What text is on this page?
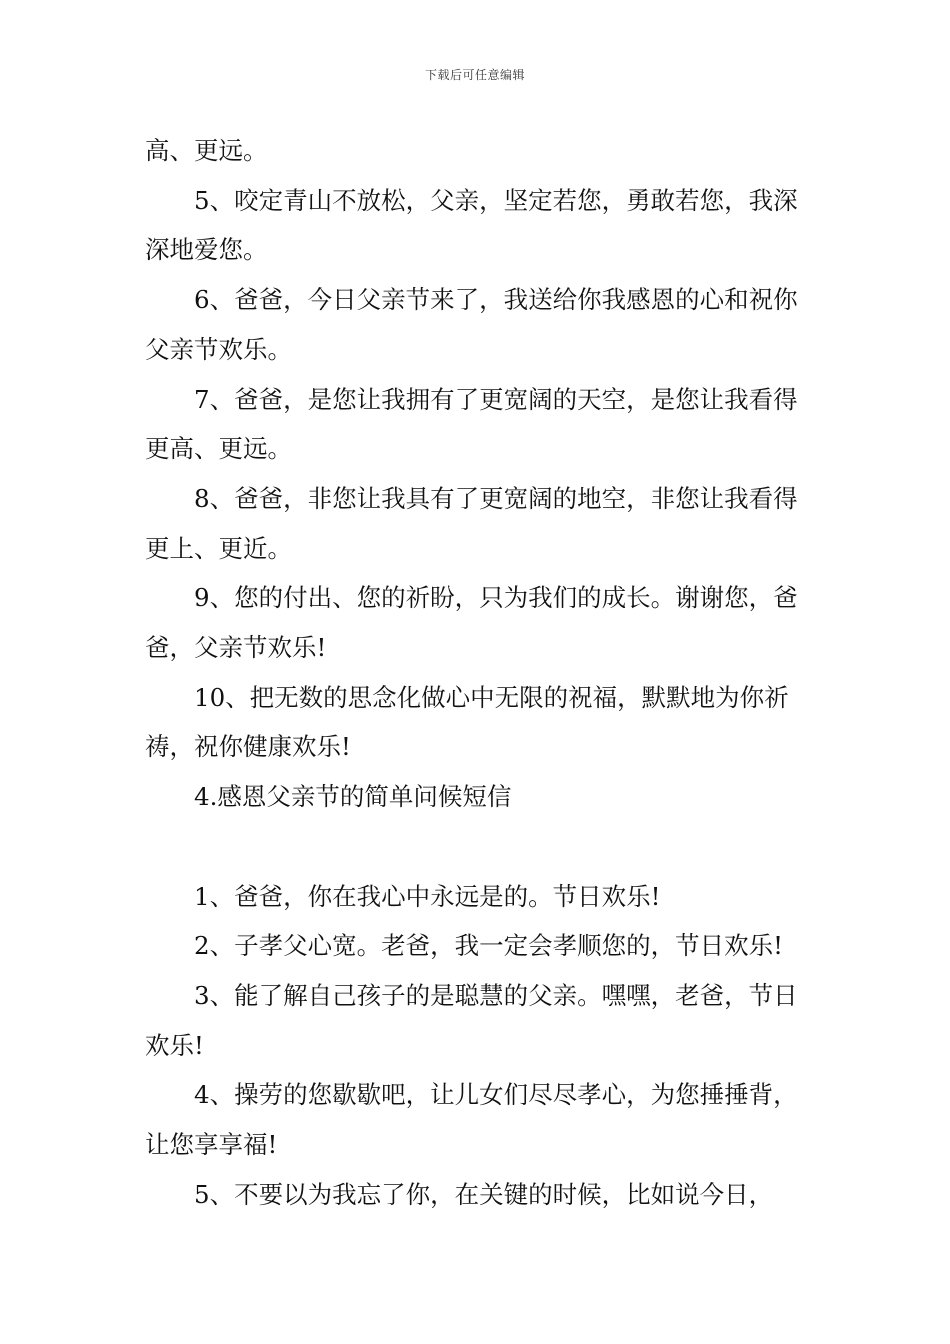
下载后可任意编辑

高、更远。

5、咬定青山不放松，父亲，坚定若您，勇敢若您，我深深地爱您。

6、爸爸，今日父亲节来了，我送给你我感恩的心和祝你父亲节欢乐。

7、爸爸，是您让我拥有了更宽阔的天空，是您让我看得更高、更远。

8、爸爸，非您让我具有了更宽阔的地空，非您让我看得更上、更近。

9、您的付出、您的祈盼，只为我们的成长。谢谢您，爸爸，父亲节欢乐!

10、把无数的思念化做心中无限的祝福，默默地为你祈祷，祝你健康欢乐!

4.感恩父亲节的简单问候短信

1、爸爸，你在我心中永远是的。节日欢乐!

2、子孝父心宽。老爸，我一定会孝顺您的，节日欢乐!

3、能了解自己孩子的是聪慧的父亲。嘿嘿，老爸，节日欢乐!

4、操劳的您歇歇吧，让儿女们尽尽孝心，为您捶捶背，让您享享福!

5、不要以为我忘了你，在关键的时候，比如说今日，
